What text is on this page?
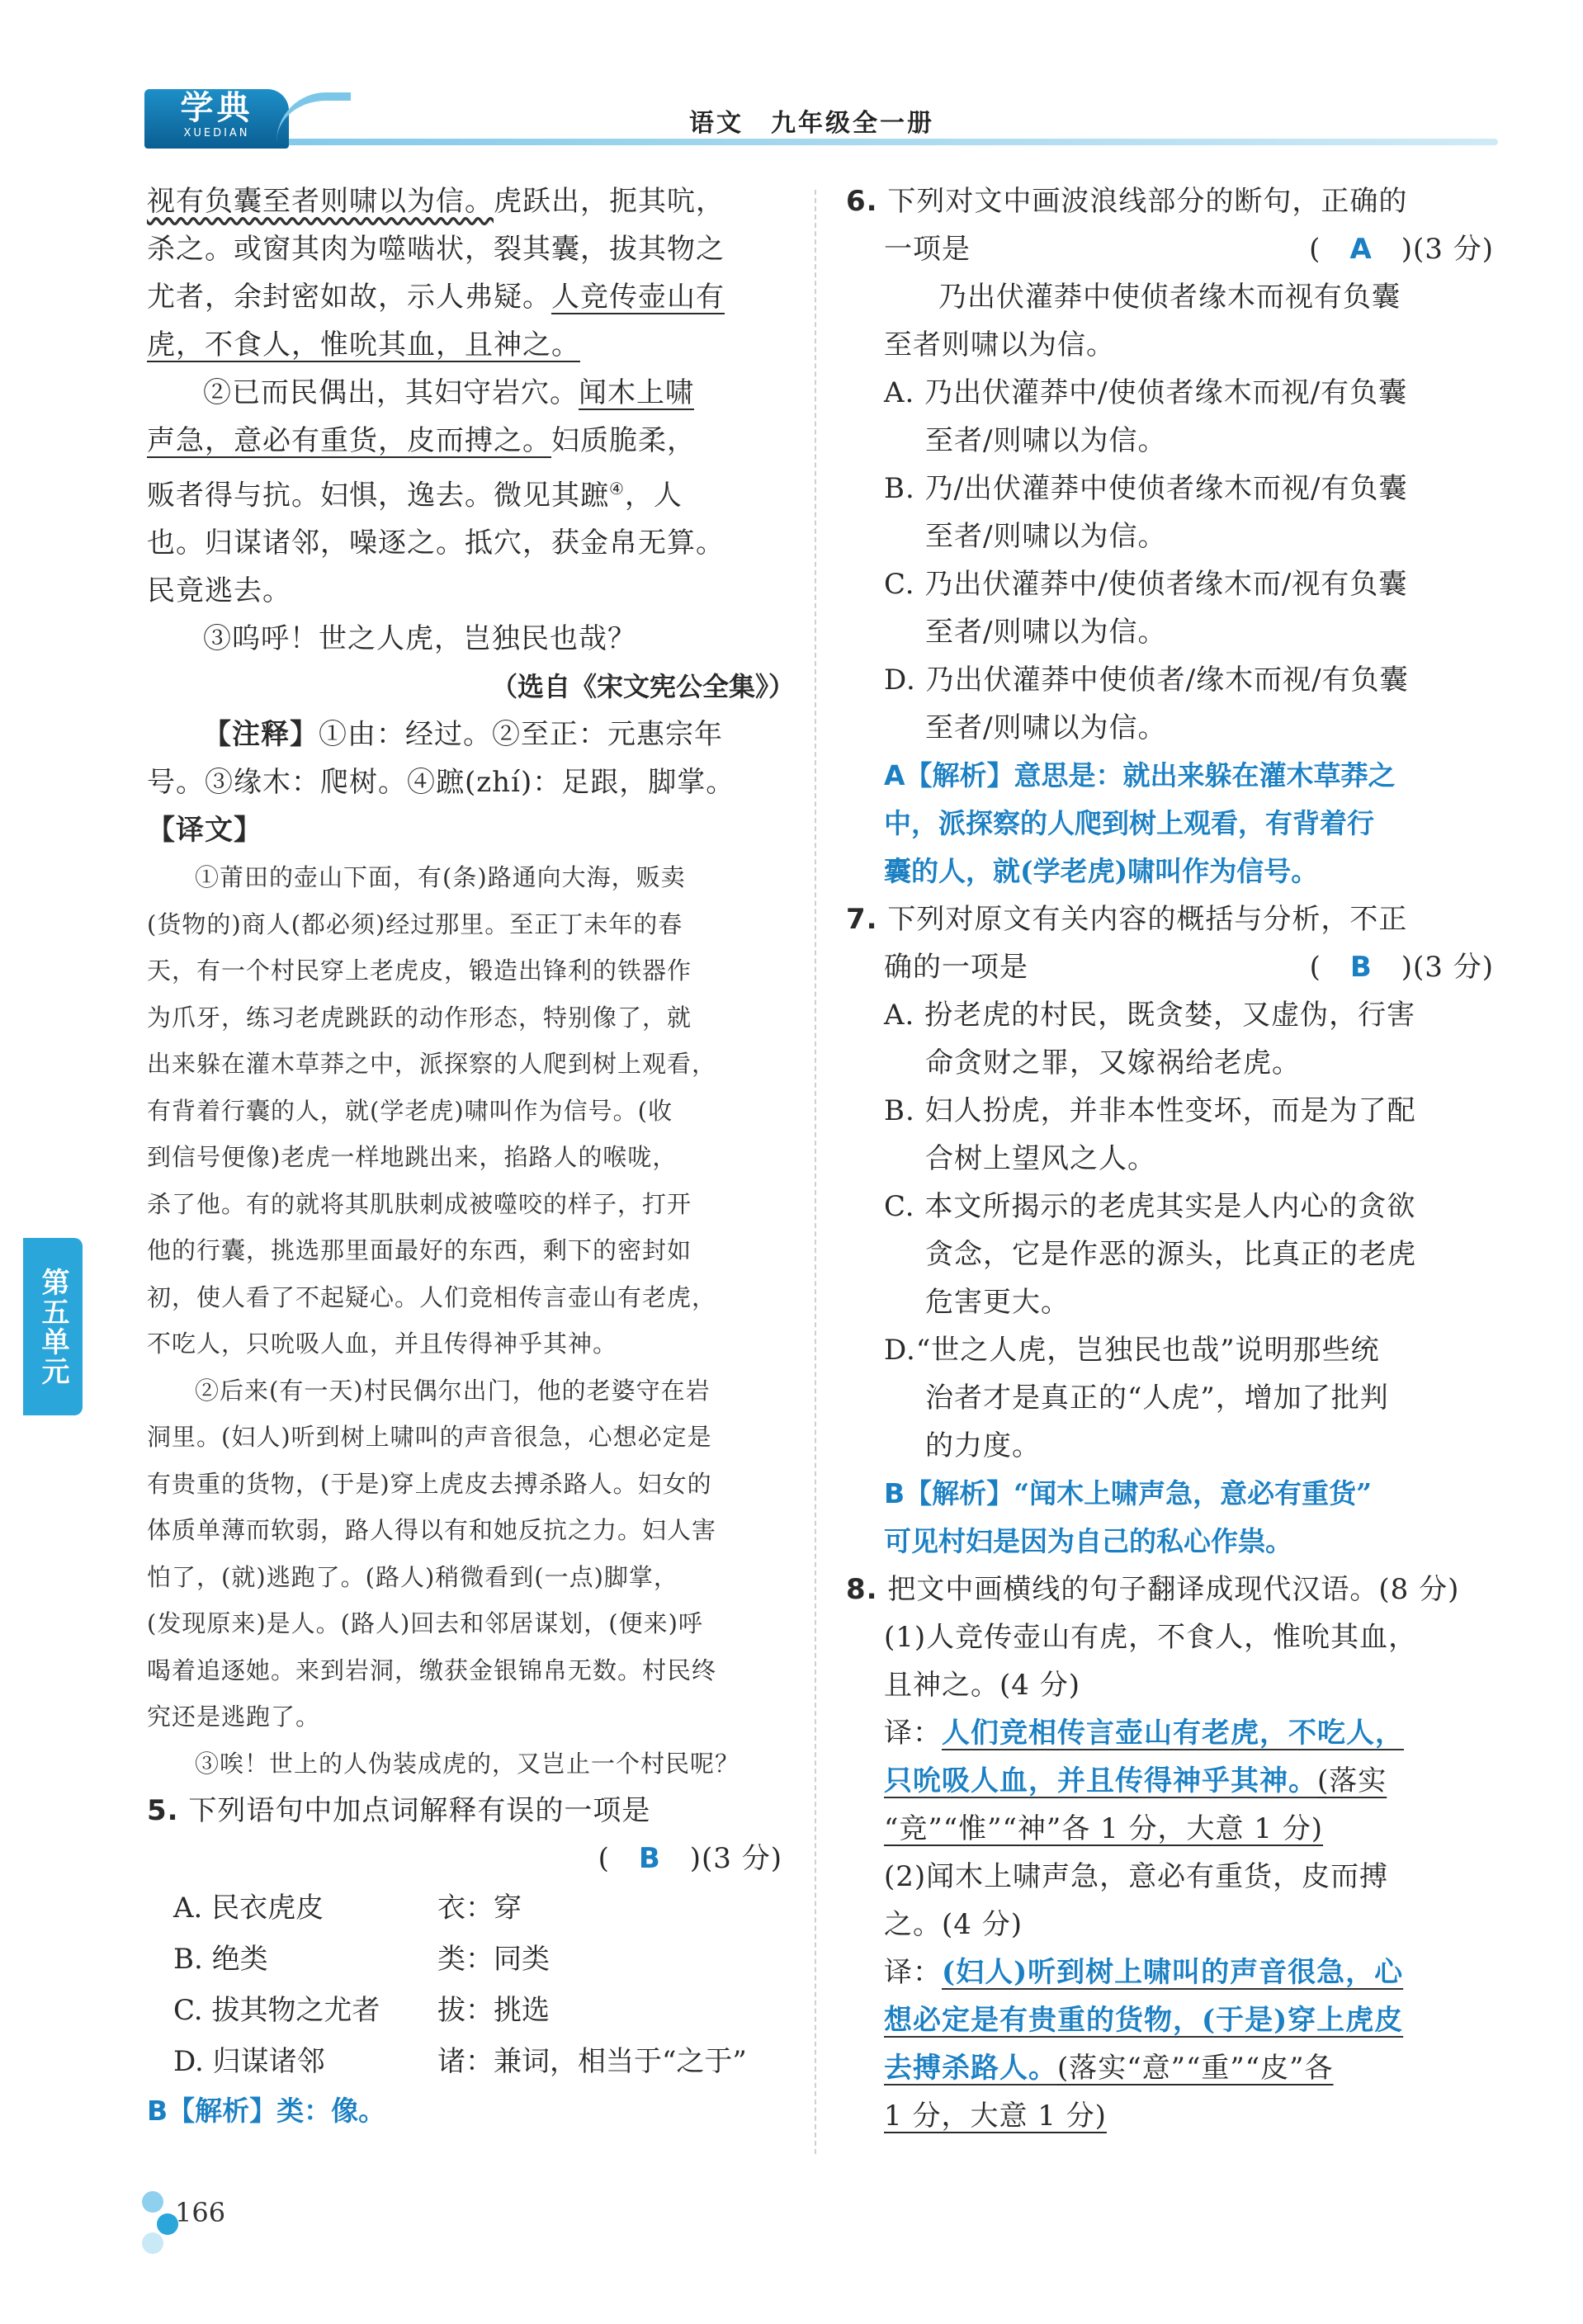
学典
XUEDIAN	语文　九年级全一册
视有负囊至者则啸以为信。虎跃出，扼其吭，
杀之。或窗其肉为噬啮状，裂其囊，拔其物之
尤者，余封密如故，示人弗疑。人竞传壶山有
虎，不食人，惟吮其血，且神之。
②已而民偶出，其妇守岩穴。闻木上啸
声急，意必有重货，皮而搏之。妇质脆柔，
贩者得与抗。妇惧，逸去。微见其蹠④，人
也。归谋诸邻，噪逐之。抵穴，获金帛无算。
民竟逃去。
③呜呼！世之人虎，岂独民也哉？
（选自《宋文宪公全集》）
【注释】①由：经过。②至正：元惠宗年
号。③缘木：爬树。④蹠(zhí)：足跟，脚掌。
【译文】
①莆田的壶山下面，有(条)路通向大海，贩卖
(货物的)商人(都必须)经过那里。至正丁未年的春
天，有一个村民穿上老虎皮，锻造出锋利的铁器作
为爪牙，练习老虎跳跃的动作形态，特别像了，就
出来躲在灌木草莽之中，派探察的人爬到树上观看，
有背着行囊的人，就(学老虎)啸叫作为信号。(收
到信号便像)老虎一样地跳出来，掐路人的喉咙，
杀了他。有的就将其肌肤刺成被噬咬的样子，打开
他的行囊，挑选那里面最好的东西，剩下的密封如
初，使人看了不起疑心。人们竞相传言壶山有老虎，
不吃人，只吮吸人血，并且传得神乎其神。
②后来(有一天)村民偶尔出门，他的老婆守在岩
洞里。(妇人)听到树上啸叫的声音很急，心想必定是
有贵重的货物，(于是)穿上虎皮去搏杀路人。妇女的
体质单薄而软弱，路人得以有和她反抗之力。妇人害
怕了，(就)逃跑了。(路人)稍微看到(一点)脚掌，
(发现原来)是人。(路人)回去和邻居谋划，(便来)呼
喝着追逐她。来到岩洞，缴获金银锦帛无数。村民终
究还是逃跑了。
③唉！世上的人伪装成虎的，又岂止一个村民呢？
5. 下列语句中加点词解释有误的一项是
(　 B　 )(3 分)
A. 民衣虎皮	衣：穿
B. 绝类	类：同类
C. 拔其物之尤者	拔：挑选
D. 归谋诸邻	诸：兼词，相当于“之于”
B【解析】类：像。
6. 下列对文中画波浪线部分的断句，正确的
一项是	(　 A　 )(3 分)
乃出伏灌莽中使侦者缘木而视有负囊
至者则啸以为信。
A. 乃出伏灌莽中/使侦者缘木而视/有负囊
至者/则啸以为信。
B. 乃/出伏灌莽中使侦者缘木而视/有负囊
至者/则啸以为信。
C. 乃出伏灌莽中/使侦者缘木而/视有负囊
至者/则啸以为信。
D. 乃出伏灌莽中使侦者/缘木而视/有负囊
至者/则啸以为信。
A【解析】意思是：就出来躲在灌木草莽之
中，派探察的人爬到树上观看，有背着行
囊的人，就(学老虎)啸叫作为信号。
7. 下列对原文有关内容的概括与分析，不正
确的一项是	(　 B　 )(3 分)
A. 扮老虎的村民，既贪婪，又虚伪，行害
命贪财之罪，又嫁祸给老虎。
B. 妇人扮虎，并非本性变坏，而是为了配
合树上望风之人。
C. 本文所揭示的老虎其实是人内心的贪欲
贪念，它是作恶的源头，比真正的老虎
危害更大。
D.“世之人虎，岂独民也哉”说明那些统
治者才是真正的“人虎”，增加了批判
的力度。
B【解析】“闻木上啸声急，意必有重货”
可见村妇是因为自己的私心作祟。
8. 把文中画横线的句子翻译成现代汉语。(8 分)
(1)人竞传壶山有虎，不食人，惟吮其血，
且神之。(4 分)
译：人们竞相传言壶山有老虎，不吃人，
只吮吸人血，并且传得神乎其神。(落实
“竞”“惟”“神”各 1 分，大意 1 分)
(2)闻木上啸声急，意必有重货，皮而搏
之。(4 分)
译：(妇人)听到树上啸叫的声音很急，心
想必定是有贵重的货物，(于是)穿上虎皮
去搏杀路人。(落实“意”“重”“皮”各
1 分，大意 1 分)
第五单元
166
